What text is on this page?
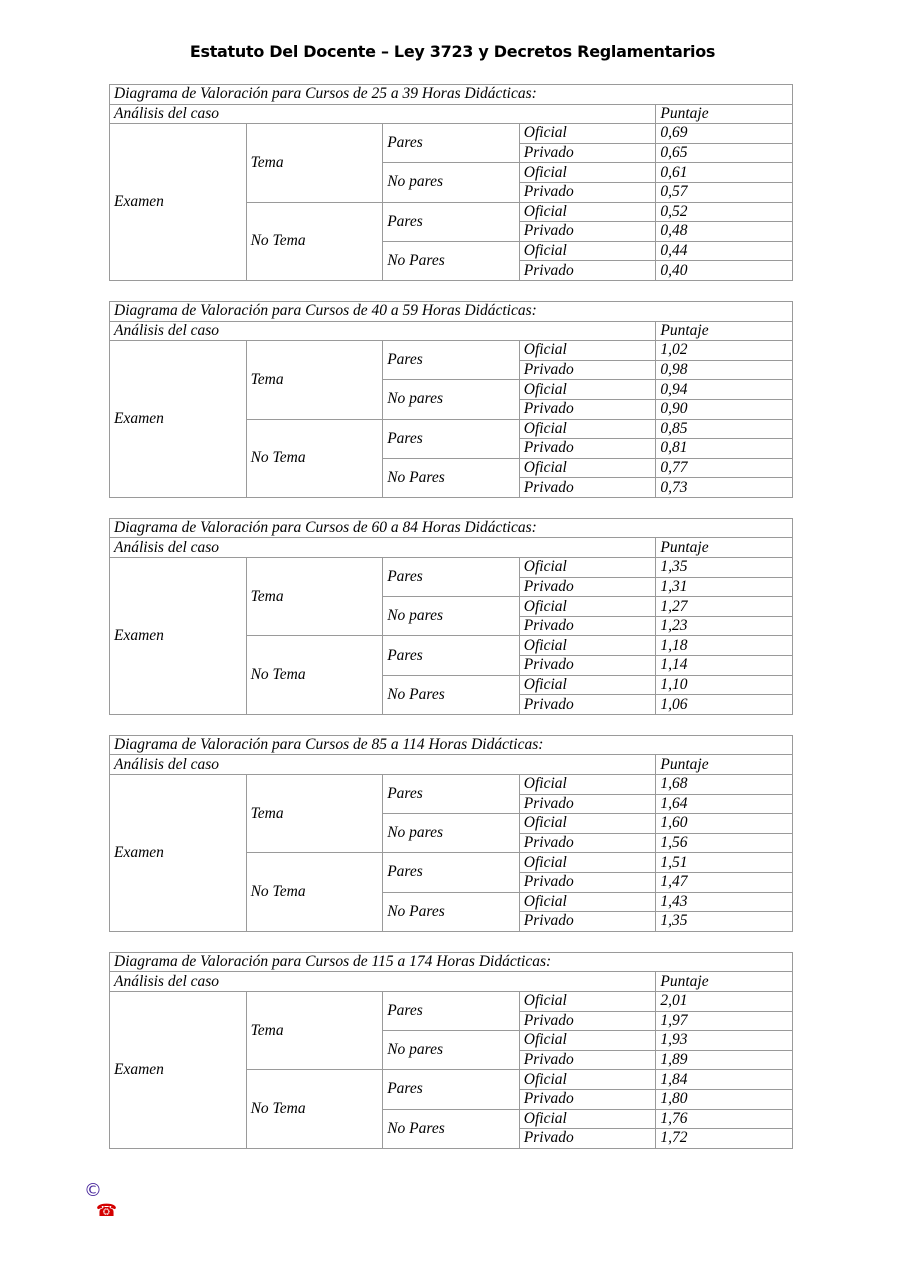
Estatuto Del Docente – Ley 3723 y Decretos Reglamentarios
Diagrama de Valoración para Cursos de 25 a 39 Horas Didácticas:				
Análisis del caso				Puntaje
Examen	Tema	Pares	Oficial	0,69
			Privado	0,65
		No pares	Oficial	0,61
			Privado	0,57
	No Tema	Pares	Oficial	0,52
			Privado	0,48
		No Pares	Oficial	0,44
			Privado	0,40
Diagrama de Valoración para Cursos de 40 a 59 Horas Didácticas:				
Análisis del caso				Puntaje
Examen	Tema	Pares	Oficial	1,02
			Privado	0,98
		No pares	Oficial	0,94
			Privado	0,90
	No Tema	Pares	Oficial	0,85
			Privado	0,81
		No Pares	Oficial	0,77
			Privado	0,73
Diagrama de Valoración para Cursos de 60 a 84 Horas Didácticas:				
Análisis del caso				Puntaje
Examen	Tema	Pares	Oficial	1,35
			Privado	1,31
		No pares	Oficial	1,27
			Privado	1,23
	No Tema	Pares	Oficial	1,18
			Privado	1,14
		No Pares	Oficial	1,10
			Privado	1,06
Diagrama de Valoración para Cursos de 85 a 114 Horas Didácticas:				
Análisis del caso				Puntaje
Examen	Tema	Pares	Oficial	1,68
			Privado	1,64
		No pares	Oficial	1,60
			Privado	1,56
	No Tema	Pares	Oficial	1,51
			Privado	1,47
		No Pares	Oficial	1,43
			Privado	1,35
Diagrama de Valoración para Cursos de 115 a 174 Horas Didácticas:				
Análisis del caso				Puntaje
Examen	Tema	Pares	Oficial	2,01
			Privado	1,97
		No pares	Oficial	1,93
			Privado	1,89
	No Tema	Pares	Oficial	1,84
			Privado	1,80
		No Pares	Oficial	1,76
			Privado	1,72
©
☎
